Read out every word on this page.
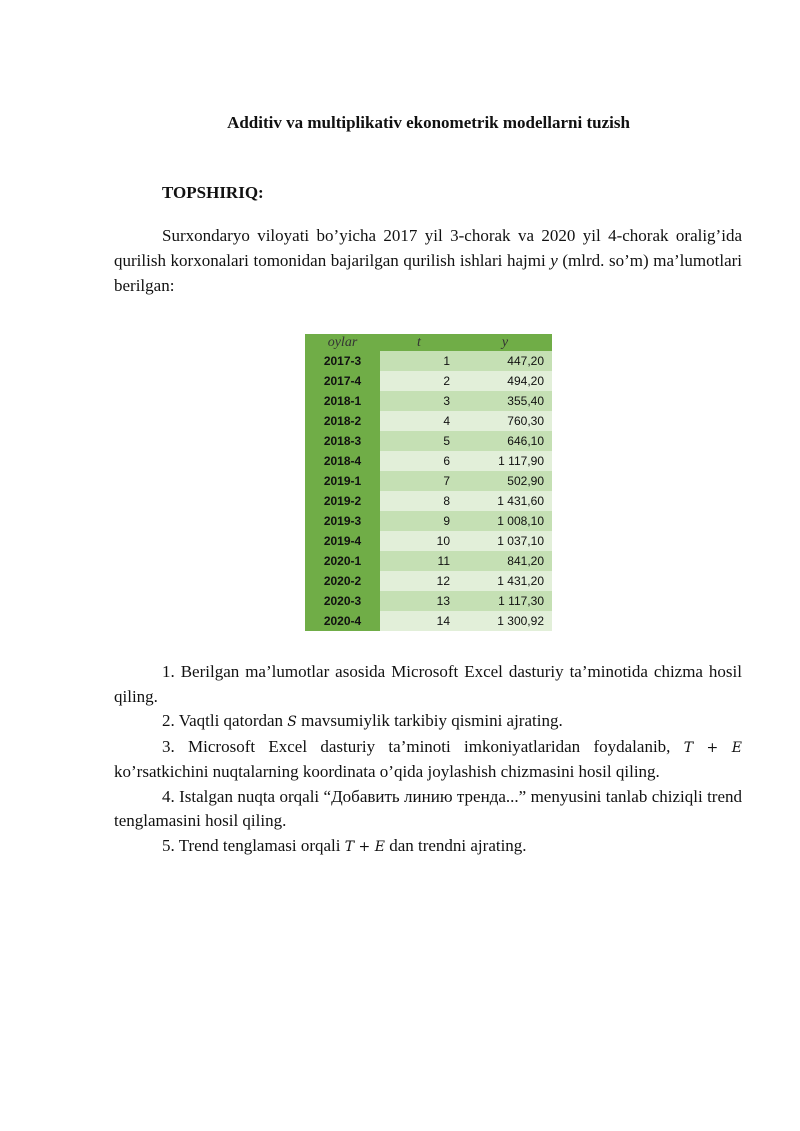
Additiv va multiplikativ ekonometrik modellarni tuzish
TOPSHIRIQ:

Surxondaryo viloyati bo’yicha 2017 yil 3-chorak va 2020 yil 4-chorak oralig’ida qurilish korxonalari tomonidan bajarilgan qurilish ishlari hajmi y (mlrd. so’m) ma’lumotlari berilgan:

oylar	t	y
2017-3	1	447,20
2017-4	2	494,20
2018-1	3	355,40
2018-2	4	760,30
2018-3	5	646,10
2018-4	6	1 117,90
2019-1	7	502,90
2019-2	8	1 431,60
2019-3	9	1 008,10
2019-4	10	1 037,10
2020-1	11	841,20
2020-2	12	1 431,20
2020-3	13	1 117,30
2020-4	14	1 300,92

1. Berilgan ma’lumotlar asosida Microsoft Excel dasturiy ta’minotida chizma hosil qiling.

2. Vaqtli qatordan S mavsumiylik tarkibiy qismini ajrating.

3. Microsoft Excel dasturiy ta’minoti imkoniyatlaridan foydalanib, T + E ko’rsatkichini nuqtalarning koordinata o’qida joylashish chizmasini hosil qiling.

4. Istalgan nuqta orqali “Добавить линию тренда...” menyusini tanlab chiziqli trend tenglamasini hosil qiling.

5. Trend tenglamasi orqali T + E dan trendni ajrating.
